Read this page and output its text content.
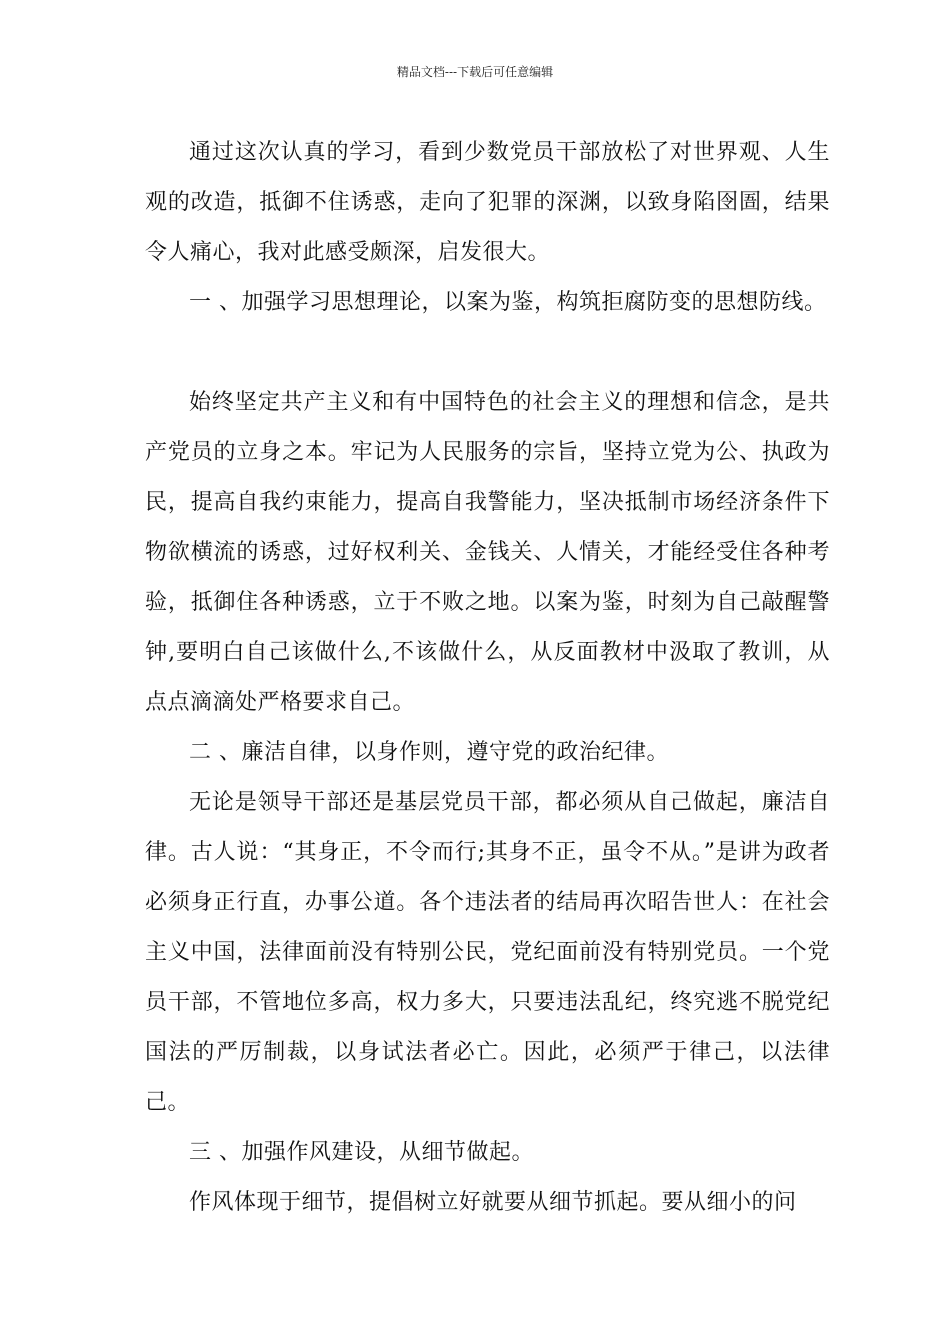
精品文档---下载后可任意编辑

通过这次认真的学习，看到少数党员干部放松了对世界观、人生观的改造，抵御不住诱惑，走向了犯罪的深渊，以致身陷囹圄，结果令人痛心，我对此感受颇深，启发很大。

一 、加强学习思想理论，以案为鉴，构筑拒腐防变的思想防线。

始终坚定共产主义和有中国特色的社会主义的理想和信念，是共产党员的立身之本。牢记为人民服务的宗旨，坚持立党为公、执政为民，提高自我约束能力，提高自我警能力，坚决抵制市场经济条件下物欲横流的诱惑，过好权利关、金钱关、人情关，才能经受住各种考验，抵御住各种诱惑，立于不败之地。以案为鉴，时刻为自己敲醒警钟,要明白自己该做什么,不该做什么，从反面教材中汲取了教训，从点点滴滴处严格要求自己。

二 、廉洁自律，以身作则，遵守党的政治纪律。

无论是领导干部还是基层党员干部，都必须从自己做起，廉洁自律。古人说：“其身正，不令而行;其身不正，虽令不从。”是讲为政者必须身正行直，办事公道。各个违法者的结局再次昭告世人：在社会主义中国，法律面前没有特别公民，党纪面前没有特别党员。一个党员干部，不管地位多高，权力多大，只要违法乱纪，终究逃不脱党纪国法的严厉制裁，以身试法者必亡。因此，必须严于律己，以法律己。

三 、加强作风建设，从细节做起。

作风体现于细节，提倡树立好就要从细节抓起。要从细小的问
